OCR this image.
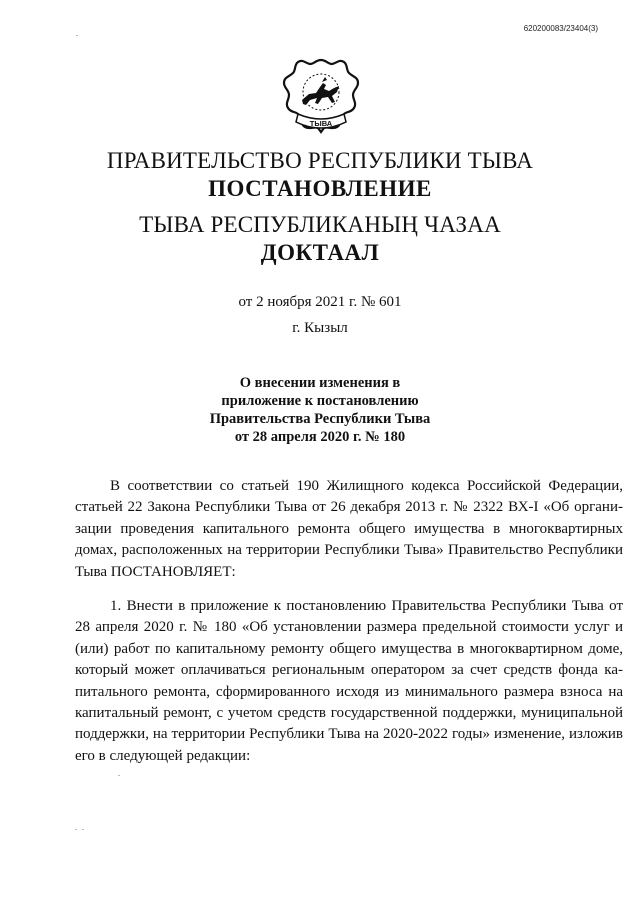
620200083/23404(3)
ТЫВА
ПРАВИТЕЛЬСТВО РЕСПУБЛИКИ ТЫВА
ПОСТАНОВЛЕНИЕ
ТЫВА РЕСПУБЛИКАНЫҢ ЧАЗАА
ДОКТААЛ
от 2 ноября 2021 г. № 601
г. Кызыл
О внесении изменения в
приложение к постановлению
Правительства Республики Тыва
от 28 апреля 2020 г. № 180

В соответствии со статьей 190 Жилищного кодекса Российской Федерации, статьей 22 Закона Республики Тыва от 26 декабря 2013 г. № 2322 ВХ-I «Об организации проведения капитального ремонта общего имущества в многоквартирных домах, расположенных на территории Республики Тыва» Правительство Республики Тыва ПОСТАНОВЛЯЕТ:

1. Внести в приложение к постановлению Правительства Республики Тыва от 28 апреля 2020 г. № 180 «Об установлении размера предельной стоимости услуг и (или) работ по капитальному ремонту общего имущества в многоквартирном доме, который может оплачиваться региональным оператором за счет средств фонда капитального ремонта, сформированного исходя из минимального размера взноса на капитальный ремонт, с учетом средств государственной поддержки, муниципальной поддержки, на территории Республики Тыва на 2020-2022 годы» изменение, изложив его в следующей редакции:
